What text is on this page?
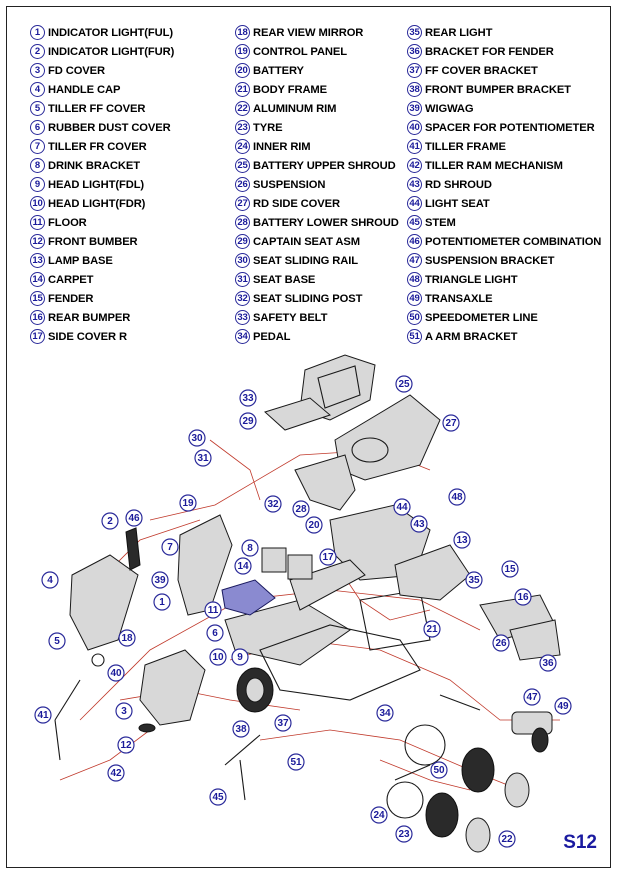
1 INDICATOR LIGHT(FUL)
2 INDICATOR LIGHT(FUR)
3 FD COVER
4 HANDLE CAP
5 TILLER FF COVER
6 RUBBER DUST COVER
7 TILLER FR COVER
8 DRINK BRACKET
9 HEAD LIGHT(FDL)
10 HEAD LIGHT(FDR)
11 FLOOR
12 FRONT BUMBER
13 LAMP BASE
14 CARPET
15 FENDER
16 REAR BUMPER
17 SIDE COVER R
18 REAR VIEW MIRROR
19 CONTROL PANEL
20 BATTERY
21 BODY FRAME
22 ALUMINUM RIM
23 TYRE
24 INNER RIM
25 BATTERY UPPER SHROUD
26 SUSPENSION
27 RD SIDE COVER
28 BATTERY LOWER SHROUD
29 CAPTAIN SEAT ASM
30 SEAT SLIDING RAIL
31 SEAT BASE
32 SEAT SLIDING POST
33 SAFETY BELT
34 PEDAL
35 REAR LIGHT
36 BRACKET FOR FENDER
37 FF COVER BRACKET
38 FRONT BUMPER BRACKET
39 WIGWAG
40 SPACER FOR POTENTIOMETER
41 TILLER FRAME
42 TILLER RAM MECHANISM
43 RD SHROUD
44 LIGHT SEAT
45 STEM
46 POTENTIOMETER COMBINATION
47 SUSPENSION BRACKET
48 TRIANGLE LIGHT
49 TRANSAXLE
50 SPEEDOMETER LINE
51 A ARM BRACKET
33
25
29	27
30
31
32
48
44
28
19
2 46
20	43
8
7
17
13
4	39
1
14
35
15
16
5	18	6
11
21
26
10 9
40
36
3
47
49
41	34
12
38
37
51
42	50
45
24
23	22	S12
